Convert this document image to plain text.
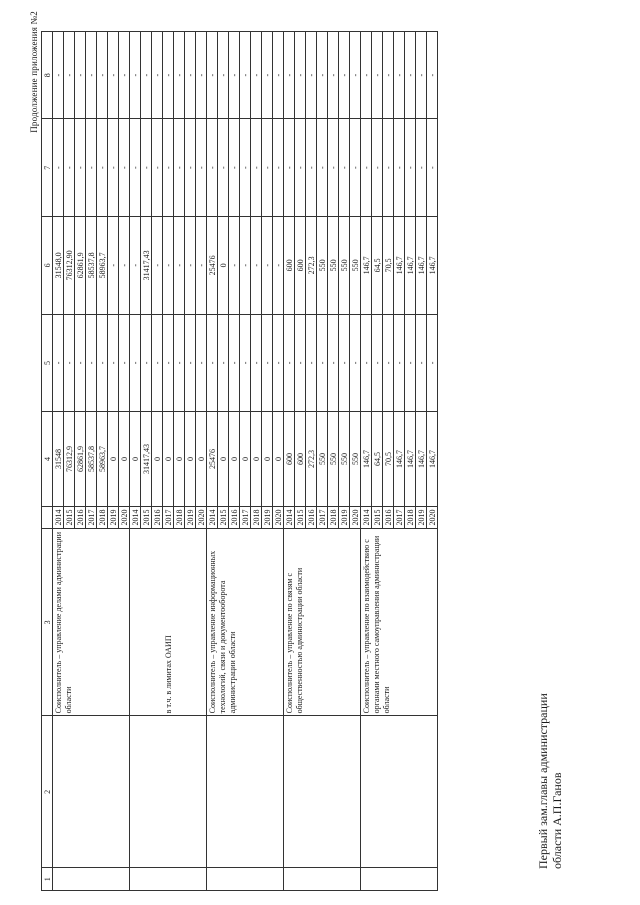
Продолжение приложения №2
1	2	3		4	5	6	7	8
		Соисполнитель – управление делами администрации области	2014	31548	-	31548,0	-	-
			2015	76312,9	-	76312,90	-	-
			2016	62861,9	-	62861,9	-	-
			2017	58537,8	-	58537,8	-	-
			2018	58963,7	-	58963,7	-	-
			2019	0	-	-	-	-
			2020	0	-	-	-	-
		в т.ч. в лимитах ОАИП	2014	0	-	-	-	-
			2015	31417,43	-	31417,43	-	-
			2016	0	-	-	-	-
			2017	0	-	-	-	-
			2018	0	-	-	-	-
			2019	0	-	-	-	-
			2020	0	-	-	-	-
		Соисполнитель – управление информационных технологий, связи и документооборота администрации области	2014	25476	-	25476	-	-
			2015	0	-	0	-	-
			2016	0	-	-	-	-
			2017	0	-	-	-	-
			2018	0	-	-	-	-
			2019	0	-	-	-	-
			2020	0	-	-	-	-
		Соисполнитель – управление по связям с общественностью администрации области	2014	600	-	600	-	-
			2015	600	-	600	-	-
			2016	272,3	-	272,3	-	-
			2017	550	-	550	-	-
			2018	550	-	550	-	-
			2019	550	-	550	-	-
			2020	550	-	550	-	-
		Соисполнитель – управление по взаимодействию с органами местного самоуправления администрации области	2014	146,7	-	146,7	-	-
			2015	64,5	-	64,5	-	-
			2016	70,5	-	70,5	-	-
			2017	146,7	-	146,7	-	-
			2018	146,7	-	146,7	-	-
			2019	146,7	-	146,7	-	-
			2020	146,7	-	146,7	-	-
Первый зам.главы администрации области А.П.Ганов
